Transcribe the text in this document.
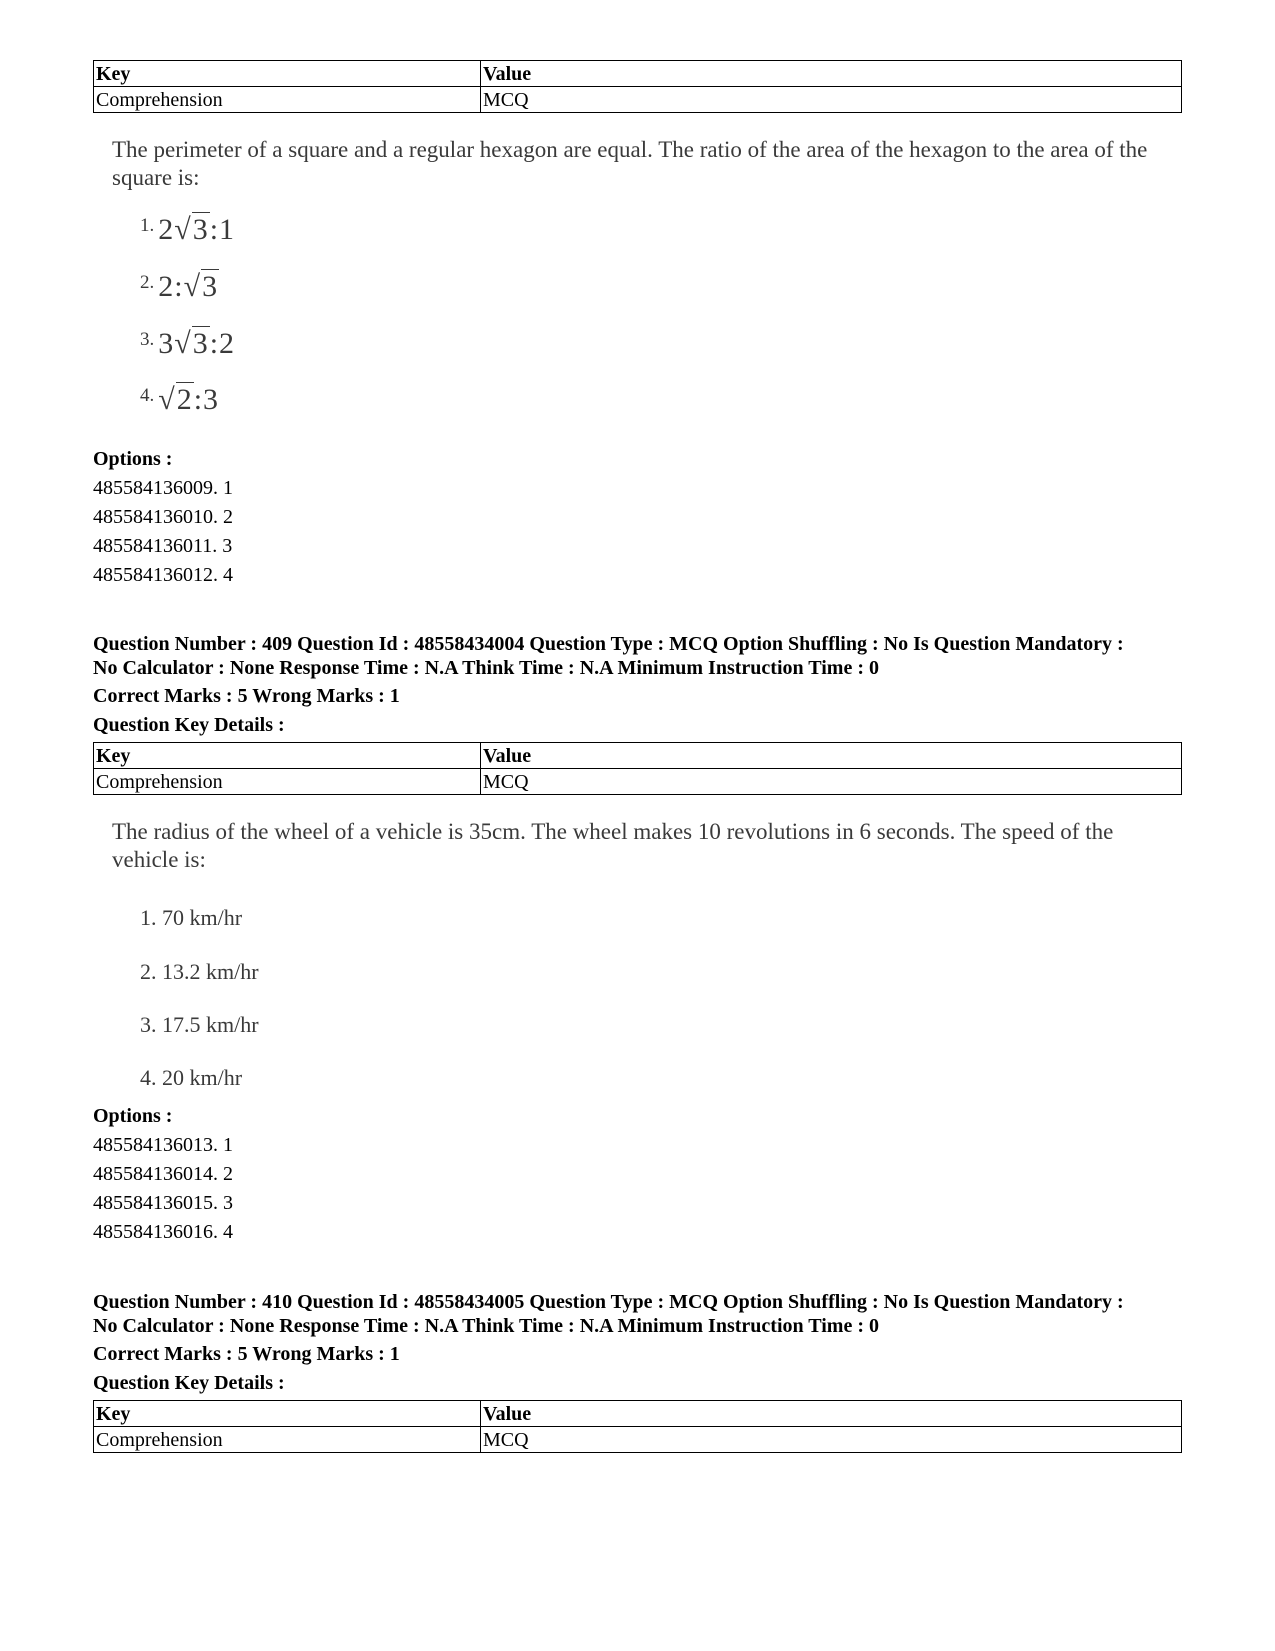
Key	Value
Comprehension	MCQ
The perimeter of a square and a regular hexagon are equal. The ratio of the area of the hexagon to the area of the square is:
$^{1.}$ 2√3:1
$^{2.}$ 2:√3
$^{3.}$ 3√3:2
$^{4.}$ √2:3
Options :
485584136009. 1
485584136010. 2
485584136011. 3
485584136012. 4
Question Number : 409 Question Id : 48558434004 Question Type : MCQ Option Shuffling : No Is Question Mandatory :
No Calculator : None Response Time : N.A Think Time : N.A Minimum Instruction Time : 0
Correct Marks : 5 Wrong Marks : 1
Question Key Details :
Key	Value
Comprehension	MCQ
The radius of the wheel of a vehicle is 35cm. The wheel makes 10 revolutions in 6 seconds. The speed of the vehicle is:
1. 70 km/hr
2. 13.2 km/hr
3. 17.5 km/hr
4. 20 km/hr
Options :
485584136013. 1
485584136014. 2
485584136015. 3
485584136016. 4
Question Number : 410 Question Id : 48558434005 Question Type : MCQ Option Shuffling : No Is Question Mandatory :
No Calculator : None Response Time : N.A Think Time : N.A Minimum Instruction Time : 0
Correct Marks : 5 Wrong Marks : 1
Question Key Details :
Key	Value
Comprehension	MCQ
